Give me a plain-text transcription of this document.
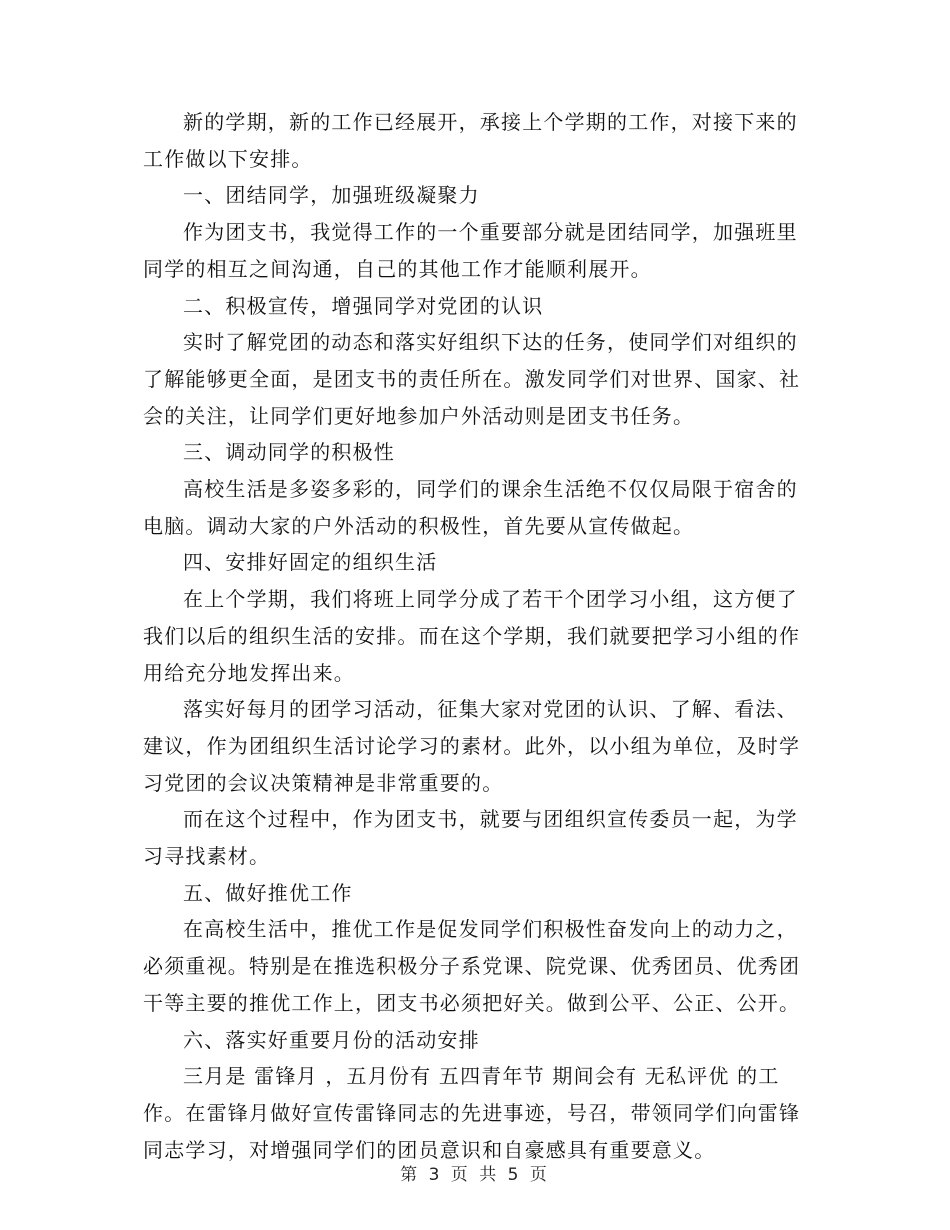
新的学期，新的工作已经展开，承接上个学期的工作，对接下来的工作做以下安排。

一、团结同学，加强班级凝聚力

作为团支书，我觉得工作的一个重要部分就是团结同学，加强班里同学的相互之间沟通，自己的其他工作才能顺利展开。

二、积极宣传，增强同学对党团的认识

实时了解党团的动态和落实好组织下达的任务，使同学们对组织的了解能够更全面，是团支书的责任所在。激发同学们对世界、国家、社会的关注，让同学们更好地参加户外活动则是团支书任务。

三、调动同学的积极性

高校生活是多姿多彩的，同学们的课余生活绝不仅仅局限于宿舍的电脑。调动大家的户外活动的积极性，首先要从宣传做起。

四、安排好固定的组织生活

在上个学期，我们将班上同学分成了若干个团学习小组，这方便了我们以后的组织生活的安排。而在这个学期，我们就要把学习小组的作用给充分地发挥出来。

落实好每月的团学习活动，征集大家对党团的认识、了解、看法、建议，作为团组织生活讨论学习的素材。此外，以小组为单位，及时学习党团的会议决策精神是非常重要的。

而在这个过程中，作为团支书，就要与团组织宣传委员一起，为学习寻找素材。

五、做好推优工作

在高校生活中，推优工作是促发同学们积极性奋发向上的动力之，必须重视。特别是在推选积极分子系党课、院党课、优秀团员、优秀团干等主要的推优工作上，团支书必须把好关。做到公平、公正、公开。

六、落实好重要月份的活动安排

三月是 雷锋月 ，五月份有 五四青年节 期间会有 无私评优 的工作。在雷锋月做好宣传雷锋同志的先进事迹，号召，带领同学们向雷锋同志学习，对增强同学们的团员意识和自豪感具有重要意义。

第 3 页 共 5 页
